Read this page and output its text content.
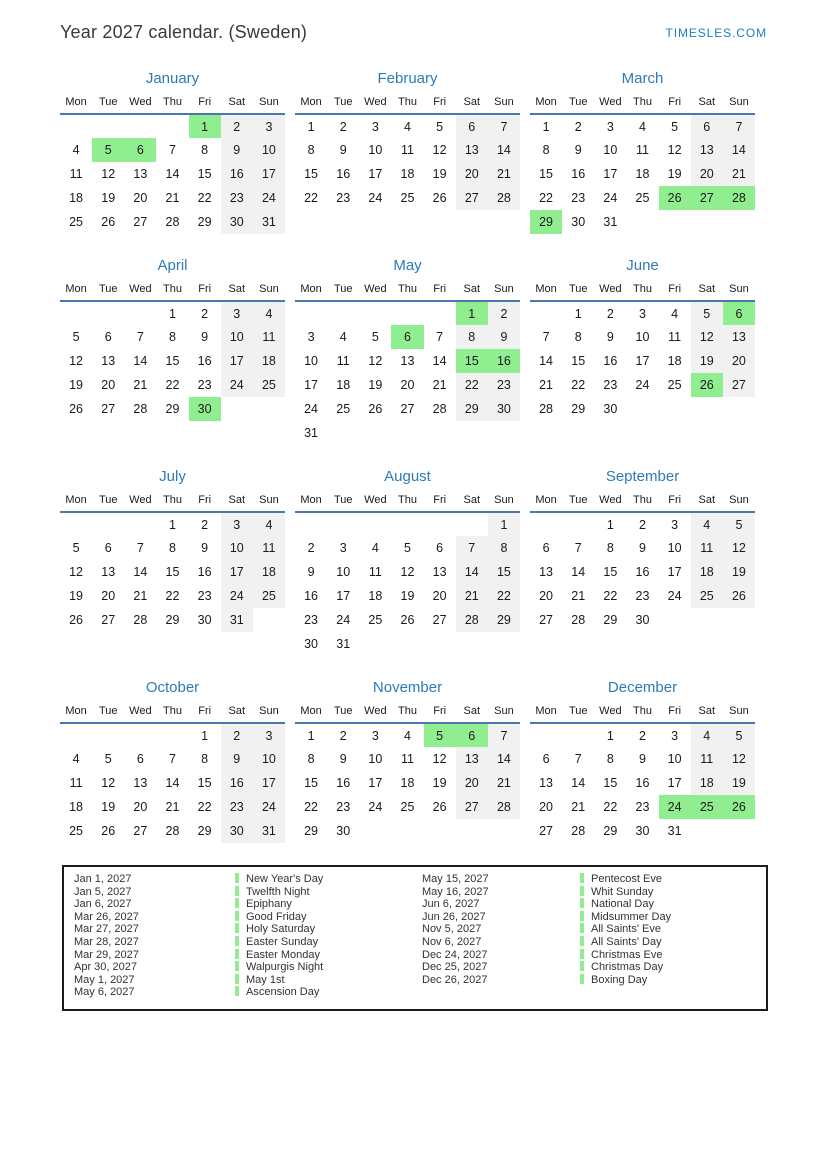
Year 2027 calendar. (Sweden)	TIMESLES.COM
January
Mon	Tue	Wed	Thu	Fri	Sat	Sun
				1	2	3
4	5	6	7	8	9	10
11	12	13	14	15	16	17
18	19	20	21	22	23	24
25	26	27	28	29	30	31
February
Mon	Tue	Wed	Thu	Fri	Sat	Sun
1	2	3	4	5	6	7
8	9	10	11	12	13	14
15	16	17	18	19	20	21
22	23	24	25	26	27	28
March
Mon	Tue	Wed	Thu	Fri	Sat	Sun
1	2	3	4	5	6	7
8	9	10	11	12	13	14
15	16	17	18	19	20	21
22	23	24	25	26	27	28
29	30	31				
April
Mon	Tue	Wed	Thu	Fri	Sat	Sun
			1	2	3	4
5	6	7	8	9	10	11
12	13	14	15	16	17	18
19	20	21	22	23	24	25
26	27	28	29	30		
May
Mon	Tue	Wed	Thu	Fri	Sat	Sun
					1	2
3	4	5	6	7	8	9
10	11	12	13	14	15	16
17	18	19	20	21	22	23
24	25	26	27	28	29	30
31						
June
Mon	Tue	Wed	Thu	Fri	Sat	Sun
	1	2	3	4	5	6
7	8	9	10	11	12	13
14	15	16	17	18	19	20
21	22	23	24	25	26	27
28	29	30				
July
Mon	Tue	Wed	Thu	Fri	Sat	Sun
			1	2	3	4
5	6	7	8	9	10	11
12	13	14	15	16	17	18
19	20	21	22	23	24	25
26	27	28	29	30	31	
August
Mon	Tue	Wed	Thu	Fri	Sat	Sun
						1
2	3	4	5	6	7	8
9	10	11	12	13	14	15
16	17	18	19	20	21	22
23	24	25	26	27	28	29
30	31					
September
Mon	Tue	Wed	Thu	Fri	Sat	Sun
		1	2	3	4	5
6	7	8	9	10	11	12
13	14	15	16	17	18	19
20	21	22	23	24	25	26
27	28	29	30			
October
Mon	Tue	Wed	Thu	Fri	Sat	Sun
				1	2	3
4	5	6	7	8	9	10
11	12	13	14	15	16	17
18	19	20	21	22	23	24
25	26	27	28	29	30	31
November
Mon	Tue	Wed	Thu	Fri	Sat	Sun
1	2	3	4	5	6	7
8	9	10	11	12	13	14
15	16	17	18	19	20	21
22	23	24	25	26	27	28
29	30					
December
Mon	Tue	Wed	Thu	Fri	Sat	Sun
		1	2	3	4	5
6	7	8	9	10	11	12
13	14	15	16	17	18	19
20	21	22	23	24	25	26
27	28	29	30	31		
Jan 1, 2027	New Year's Day	May 15, 2027	Pentecost Eve
Jan 5, 2027	Twelfth Night	May 16, 2027	Whit Sunday
Jan 6, 2027	Epiphany	Jun 6, 2027	National Day
Mar 26, 2027	Good Friday	Jun 26, 2027	Midsummer Day
Mar 27, 2027	Holy Saturday	Nov 5, 2027	All Saints' Eve
Mar 28, 2027	Easter Sunday	Nov 6, 2027	All Saints' Day
Mar 29, 2027	Easter Monday	Dec 24, 2027	Christmas Eve
Apr 30, 2027	Walpurgis Night	Dec 25, 2027	Christmas Day
May 1, 2027	May 1st	Dec 26, 2027	Boxing Day
May 6, 2027	Ascension Day
